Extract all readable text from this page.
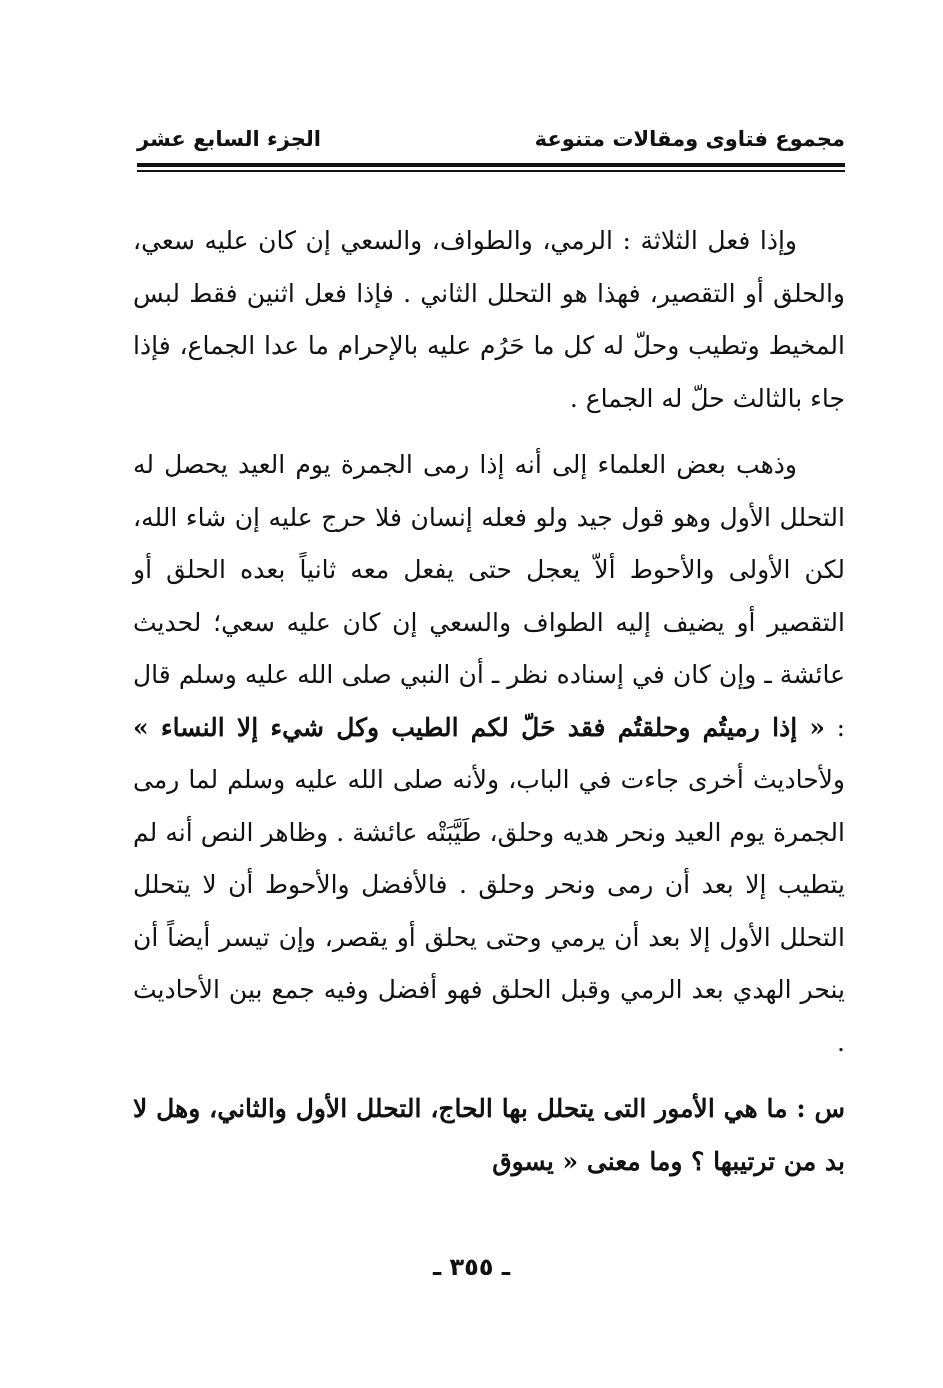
مجموع فتاوى ومقالات متنوعة
الجزء السابع عشر

وإذا فعل الثلاثة : الرمي، والطواف، والسعي إن كان عليه سعي، والحلق أو التقصير، فهذا هو التحلل الثاني . فإذا فعل اثنين فقط لبس المخيط وتطيب وحلّ له كل ما حَرُم عليه بالإحرام ما عدا الجماع، فإذا جاء بالثالث حلّ له الجماع .

وذهب بعض العلماء إلى أنه إذا رمى الجمرة يوم العيد يحصل له التحلل الأول وهو قول جيد ولو فعله إنسان فلا حرج عليه إن شاء الله، لكن الأولى والأحوط ألاّ يعجل حتى يفعل معه ثانياً بعده الحلق أو التقصير أو يضيف إليه الطواف والسعي إن كان عليه سعي؛ لحديث عائشة ـ وإن كان في إسناده نظر ـ أن النبي صلى الله عليه وسلم قال : « إذا رميتُم وحلقتُم فقد حَلّ لكم الطيب وكل شيء إلا النساء » ولأحاديث أخرى جاءت في الباب، ولأنه صلى الله عليه وسلم لما رمى الجمرة يوم العيد ونحر هديه وحلق، طَيَّبَتْه عائشة . وظاهر النص أنه لم يتطيب إلا بعد أن رمى ونحر وحلق . فالأفضل والأحوط أن لا يتحلل التحلل الأول إلا بعد أن يرمي وحتى يحلق أو يقصر، وإن تيسر أيضاً أن ينحر الهدي بعد الرمي وقبل الحلق فهو أفضل وفيه جمع بين الأحاديث .

س : ما هي الأمور التى يتحلل بها الحاج، التحلل الأول والثاني، وهل لا بد من ترتيبها ؟ وما معنى « يسوق

ـ ٣٥٥ ـ
